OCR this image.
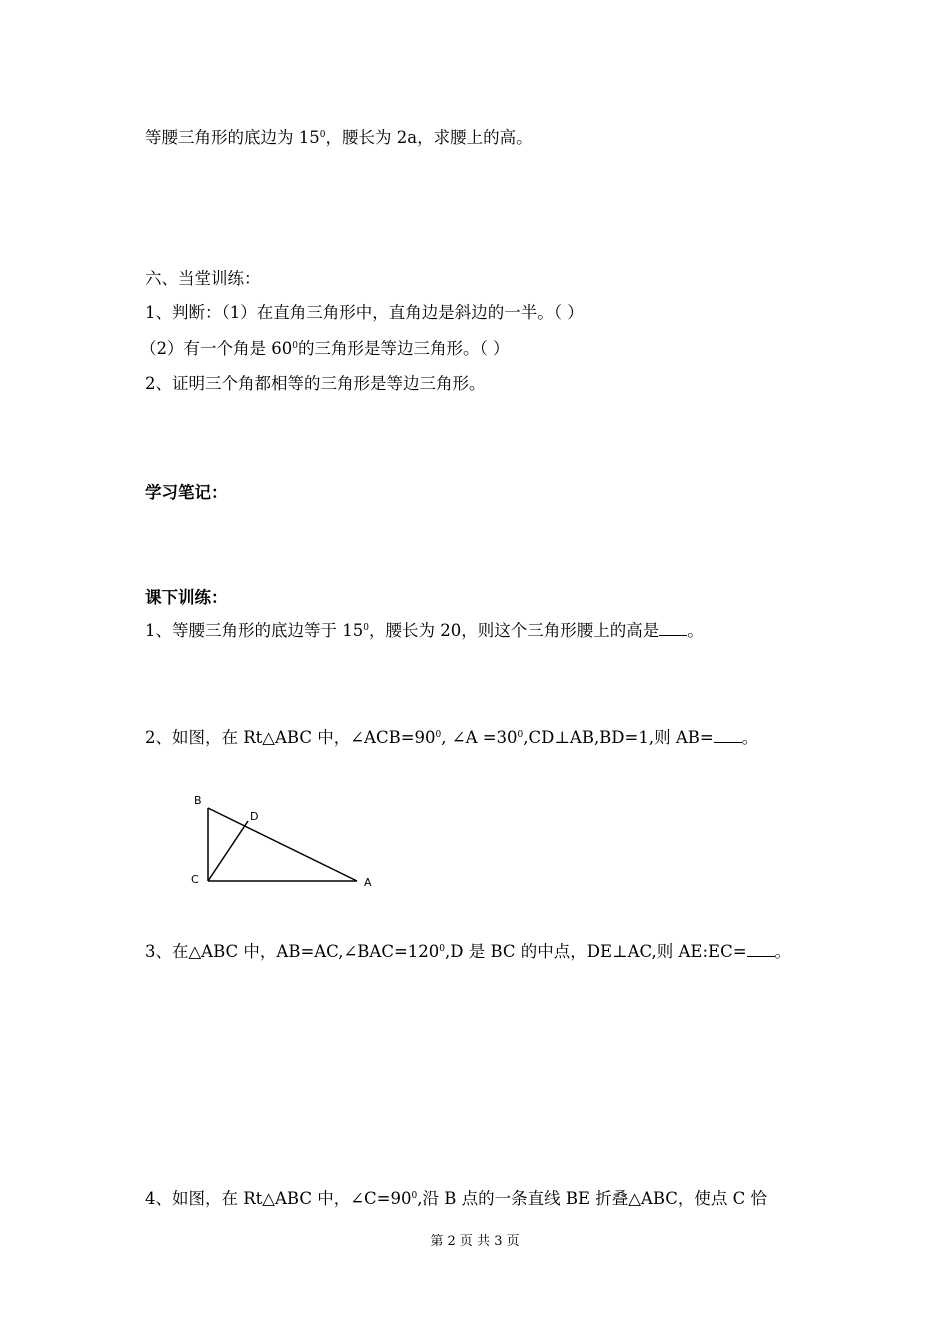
等腰三角形的底边为 $15^0$，腰长为 2a，求腰上的高。
六、当堂训练：
1、判断：（1）在直角三角形中，直角边是斜边的一半。（ ）
（2）有一个角是 $60^0$的三角形是等边三角形。（ ）
2、证明三个角都相等的三角形是等边三角形。
学习笔记：
课下训练：
1、等腰三角形的底边等于 $15^0$，腰长为 20，则这个三角形腰上的高是 。
2、如图，在 Rt△ABC 中，$\angle ACB=90^0$, ∠A $=30^0,CD\perp AB,BD=1$,则 AB= 。
B
D
C	A
3、在△ABC 中，$AB=AC,\angle BAC=120^0,D$ 是 BC 的中点，DE⊥AC,则 AE:EC= 。
4、如图，在 Rt△ABC 中，$\angle C=90^0$,沿 B 点的一条直线 BE 折叠△ABC，使点 C 恰
第 2 页 共 3 页
